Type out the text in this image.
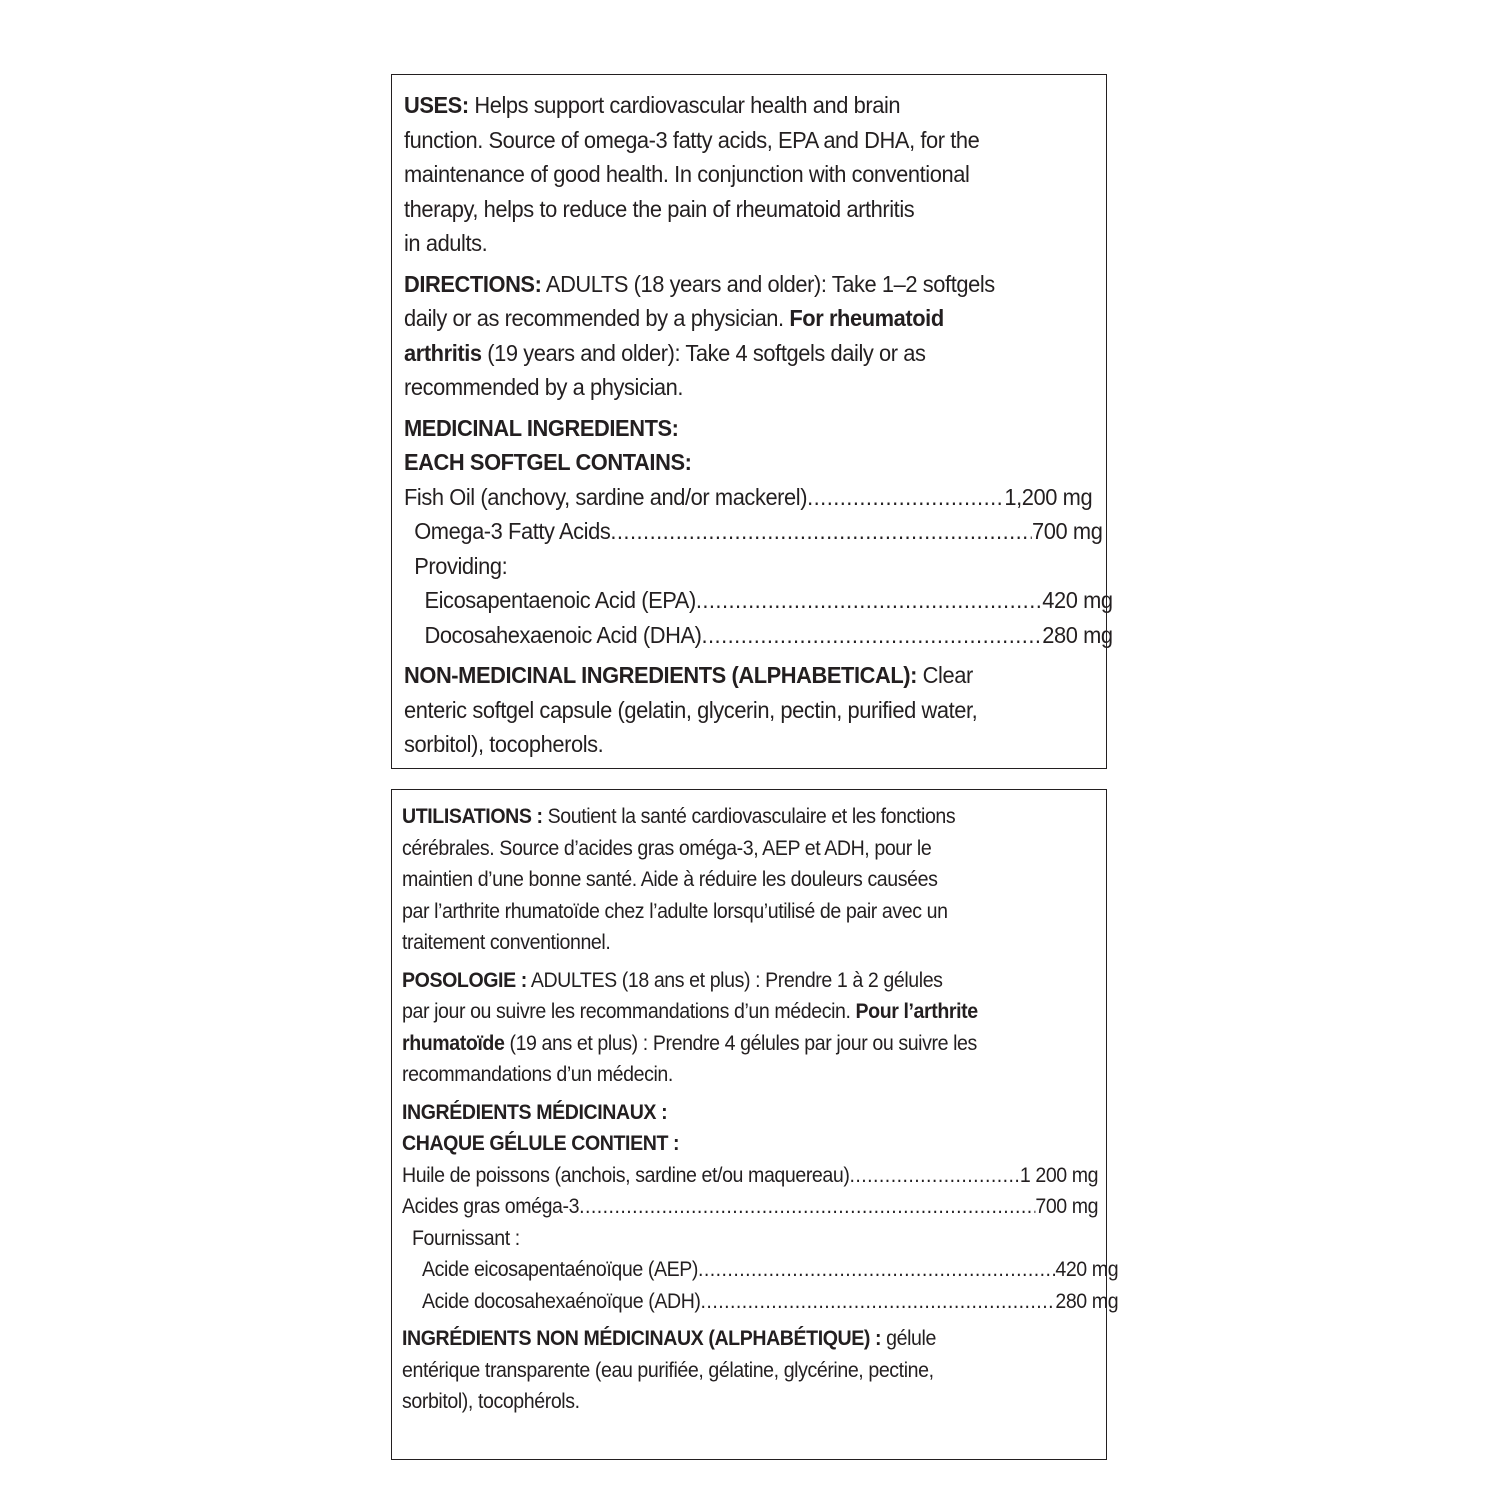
USES: Helps support cardiovascular health and brain
function. Source of omega-3 fatty acids, EPA and DHA, for the
maintenance of good health. In conjunction with conventional
therapy, helps to reduce the pain of rheumatoid arthritis
in adults.

DIRECTIONS: ADULTS (18 years and older): Take 1–2 softgels
daily or as recommended by a physician. For rheumatoid
arthritis (19 years and older): Take 4 softgels daily or as
recommended by a physician.

MEDICINAL INGREDIENTS:
EACH SOFTGEL CONTAINS:
Fish Oil (anchovy, sardine and/or mackerel) .....	1,200 mg
Omega-3 Fatty Acids .....	700 mg
Providing:
Eicosapentaenoic Acid (EPA) .....	420 mg
Docosahexaenoic Acid (DHA) .....	280 mg

NON-MEDICINAL INGREDIENTS (ALPHABETICAL): Clear
enteric softgel capsule (gelatin, glycerin, pectin, purified water,
sorbitol), tocopherols.

UTILISATIONS : Soutient la santé cardiovasculaire et les fonctions
cérébrales. Source d’acides gras oméga-3, AEP et ADH, pour le
maintien d’une bonne santé. Aide à réduire les douleurs causées
par l’arthrite rhumatoïde chez l’adulte lorsqu’utilisé de pair avec un
traitement conventionnel.

POSOLOGIE : ADULTES (18 ans et plus) : Prendre 1 à 2 gélules
par jour ou suivre les recommandations d’un médecin. Pour l’arthrite
rhumatoïde (19 ans et plus) : Prendre 4 gélules par jour ou suivre les
recommandations d’un médecin.

INGRÉDIENTS MÉDICINAUX :
CHAQUE GÉLULE CONTIENT :
Huile de poissons (anchois, sardine et/ou maquereau) .....	1 200 mg
Acides gras oméga-3 .....	700 mg
Fournissant :
Acide eicosapentaénoïque (AEP) .....	420 mg
Acide docosahexaénoïque (ADH) .....	280 mg

INGRÉDIENTS NON MÉDICINAUX (ALPHABÉTIQUE) : gélule
entérique transparente (eau purifiée, gélatine, glycérine, pectine,
sorbitol), tocophérols.
